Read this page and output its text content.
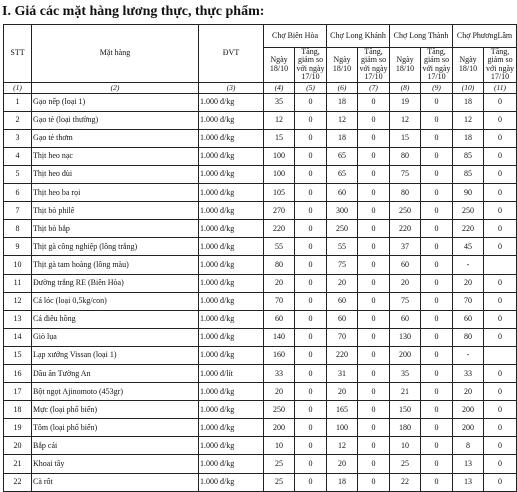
I. Giá các mặt hàng lương thực, thực phẩm:
STT	Mặt hàng	ĐVT	Chợ Biên Hòa		Chợ Long Khánh		Chợ Long Thành		Chợ PhươngLâm	
			Ngày 18/10	Tăng, giảm so với ngày 17/10	Ngày 18/10	Tăng, giảm so với ngày 17/10	Ngày 18/10	Tăng, giảm so với ngày 17/10	Ngày 18/10	Tăng, giảm so với ngày 17/10
(1)	(2)	(3)	(4)	(5)	(6)	(7)	(8)	(9)	(10)	(11)
1	Gạo nếp (loại 1)	1.000 đ/kg	35	0	18	0	19	0	18	0
2	Gạo tẻ (loại thường)	1.000 đ/kg	12	0	12	0	12	0	12	0
3	Gạo tẻ thơm	1.000 đ/kg	15	0	18	0	15	0	18	0
4	Thịt heo nạc	1.000 đ/kg	100	0	65	0	80	0	85	0
5	Thịt heo đùi	1.000 đ/kg	100	0	65	0	75	0	85	0
6	Thịt heo ba rọi	1.000 đ/kg	105	0	60	0	80	0	90	0
7	Thịt bò philê	1.000 đ/kg	270	0	300	0	250	0	250	0
8	Thịt bò bắp	1.000 đ/kg	220	0	250	0	220	0	220	0
9	Thịt gà công nghiệp (lông trắng)	1.000 đ/kg	55	0	55	0	37	0	45	0
10	Thịt gà tam hoàng (lông màu)	1.000 đ/kg	80	0	75	0	60	0	-	
11	Đường trắng RE (Biên Hòa)	1.000 đ/kg	20	0	20	0	20	0	20	0
12	Cá lóc (loại 0,5kg/con)	1.000 đ/kg	70	0	60	0	75	0	70	0
13	Cá điêu hồng	1.000 đ/kg	60	0	60	0	60	0	60	0
14	Giò lụa	1.000 đ/kg	140	0	70	0	130	0	80	0
15	Lạp xưởng Vissan (loại 1)	1.000 đ/kg	160	0	220	0	200	0	-	
16	Dầu ăn Tường An	1.000 đ/lít	33	0	31	0	35	0	33	0
17	Bột ngọt Ajinomoto (453gr)	1.000 đ/kg	20	0	20	0	21	0	20	0
18	Mực (loại phổ biến)	1.000 đ/kg	250	0	165	0	150	0	200	0
19	Tôm (loại phổ biến)	1.000 đ/kg	200	0	100	0	180	0	200	0
20	Bắp cải	1.000 đ/kg	10	0	12	0	10	0	8	0
21	Khoai tây	1.000 đ/kg	25	0	20	0	25	0	13	0
22	Cà rốt	1.000 đ/kg	25	0	18	0	22	0	13	0
